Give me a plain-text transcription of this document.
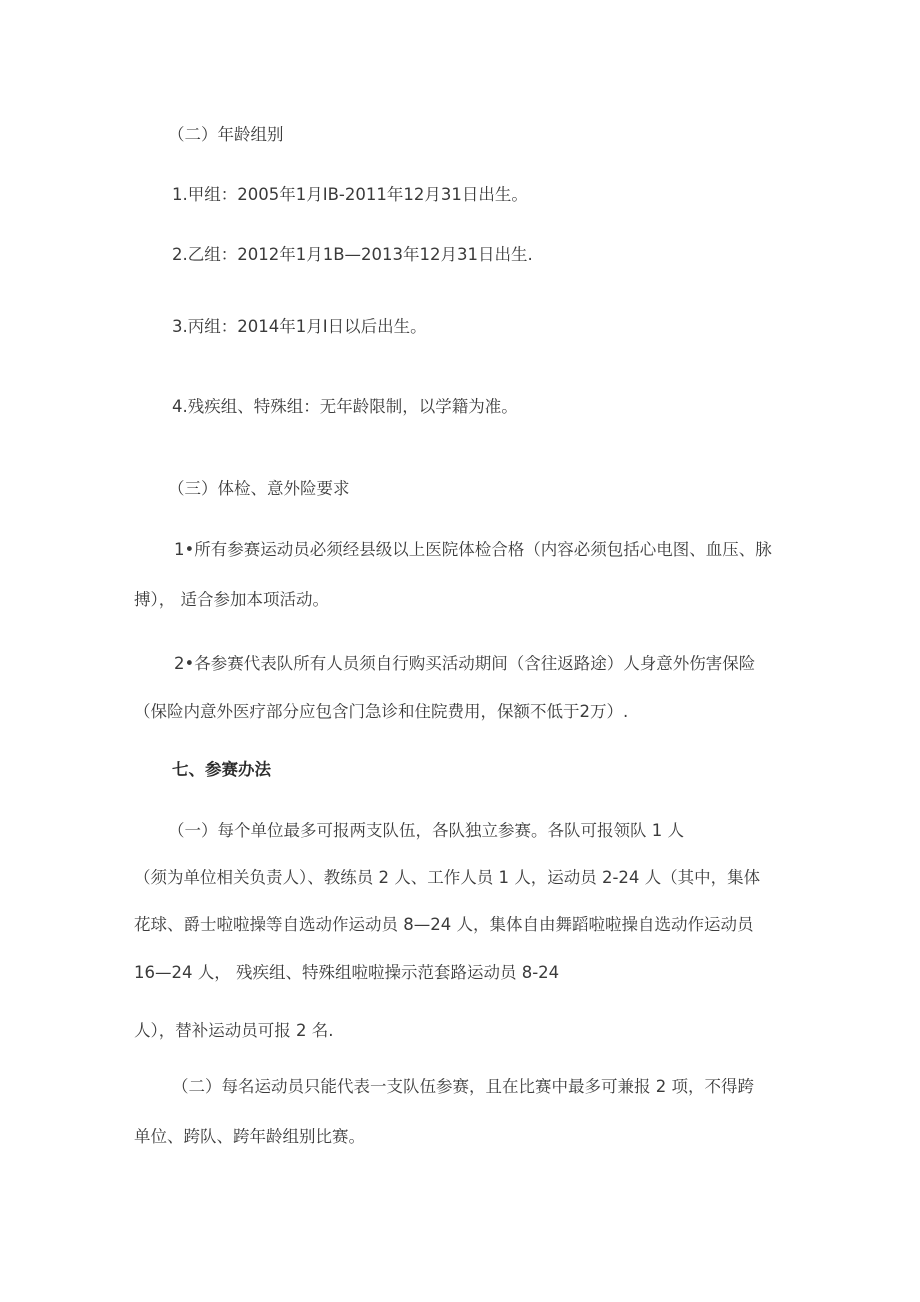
（二）年龄组别
1.甲组：2005年1月IB-2011年12月31日出生。
2.乙组：2012年1月1B—2013年12月31日出生.
3.丙组：2014年1月I日以后出生。
4.残疾组、特殊组：无年龄限制，以学籍为准。
（三）体检、意外险要求
1•所有参赛运动员必须经县级以上医院体检合格（内容必须包括心电图、血压、脉
搏）， 适合参加本项活动。
2•各参赛代表队所有人员须自行购买活动期间（含往返路途）人身意外伤害保险
（保险内意外医疗部分应包含门急诊和住院费用，保额不低于2万）.
七、参赛办法
（一）每个单位最多可报两支队伍，各队独立参赛。各队可报领队 1 人
（须为单位相关负责人）、教练员 2 人、工作人员 1 人，运动员 2-24 人（其中，集体
花球、爵士啦啦操等自选动作运动员 8—24 人，集体自由舞蹈啦啦操自选动作运动员
16—24 人， 残疾组、特殊组啦啦操示范套路运动员 8-24
人），替补运动员可报 2 名.
（二）每名运动员只能代表一支队伍参赛，且在比赛中最多可兼报 2 项，不得跨
单位、跨队、跨年龄组别比赛。
